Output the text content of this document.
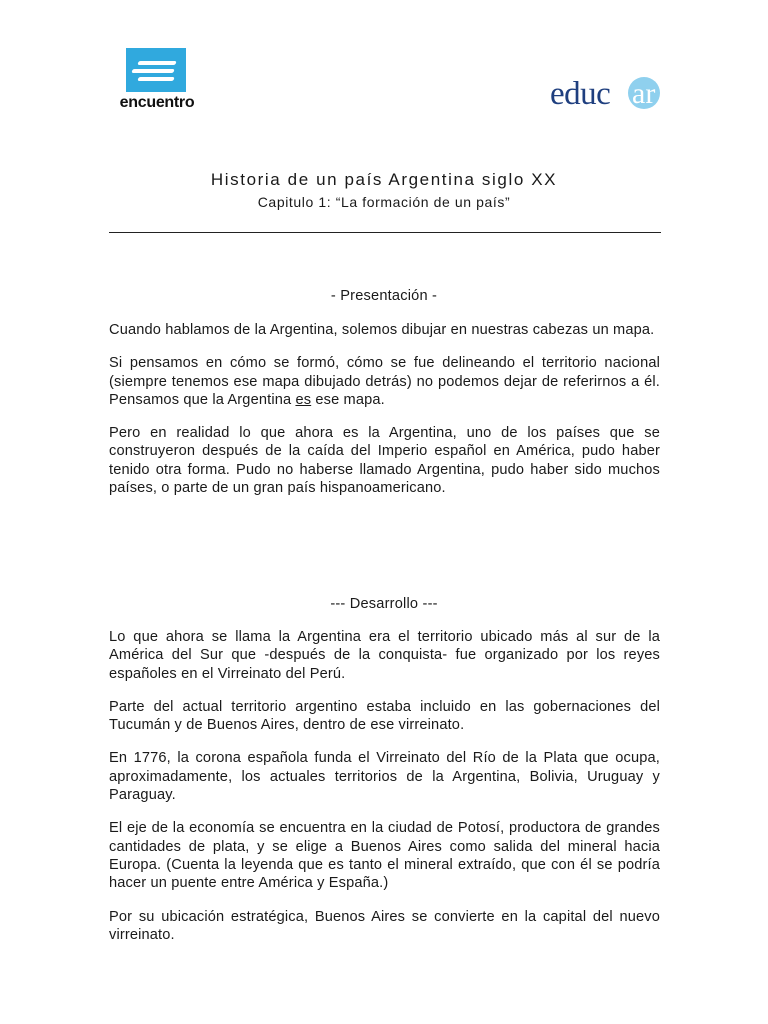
encuentro	educ ar
Historia de un país Argentina siglo XX
Capitulo 1: “La formación de un país”
- Presentación -

Cuando hablamos de la Argentina, solemos dibujar en nuestras cabezas un mapa.

Si pensamos en cómo se formó, cómo se fue delineando el territorio nacional (siempre tenemos ese mapa dibujado detrás) no podemos dejar de referirnos a él. Pensamos que la Argentina es ese mapa.

Pero en realidad lo que ahora es la Argentina, uno de los países que se construyeron después de la caída del Imperio español en América, pudo haber tenido otra forma. Pudo no haberse llamado Argentina, pudo haber sido muchos países, o parte de un gran país hispanoamericano.

--- Desarrollo ---

Lo que ahora se llama la Argentina era el territorio ubicado más al sur de la América del Sur que -después de la conquista- fue organizado por los reyes españoles en el Virreinato del Perú.

Parte del actual territorio argentino estaba incluido en las gobernaciones del Tucumán y de Buenos Aires, dentro de ese virreinato.

En 1776, la corona española funda el Virreinato del Río de la Plata que ocupa, aproximadamente, los actuales territorios de la Argentina, Bolivia, Uruguay y Paraguay.

El eje de la economía se encuentra en la ciudad de Potosí, productora de grandes cantidades de plata, y se elige a Buenos Aires como salida del mineral hacia Europa. (Cuenta la leyenda que es tanto el mineral extraído, que con él se podría hacer un puente entre América y España.)

Por su ubicación estratégica, Buenos Aires se convierte en la capital del nuevo virreinato.
